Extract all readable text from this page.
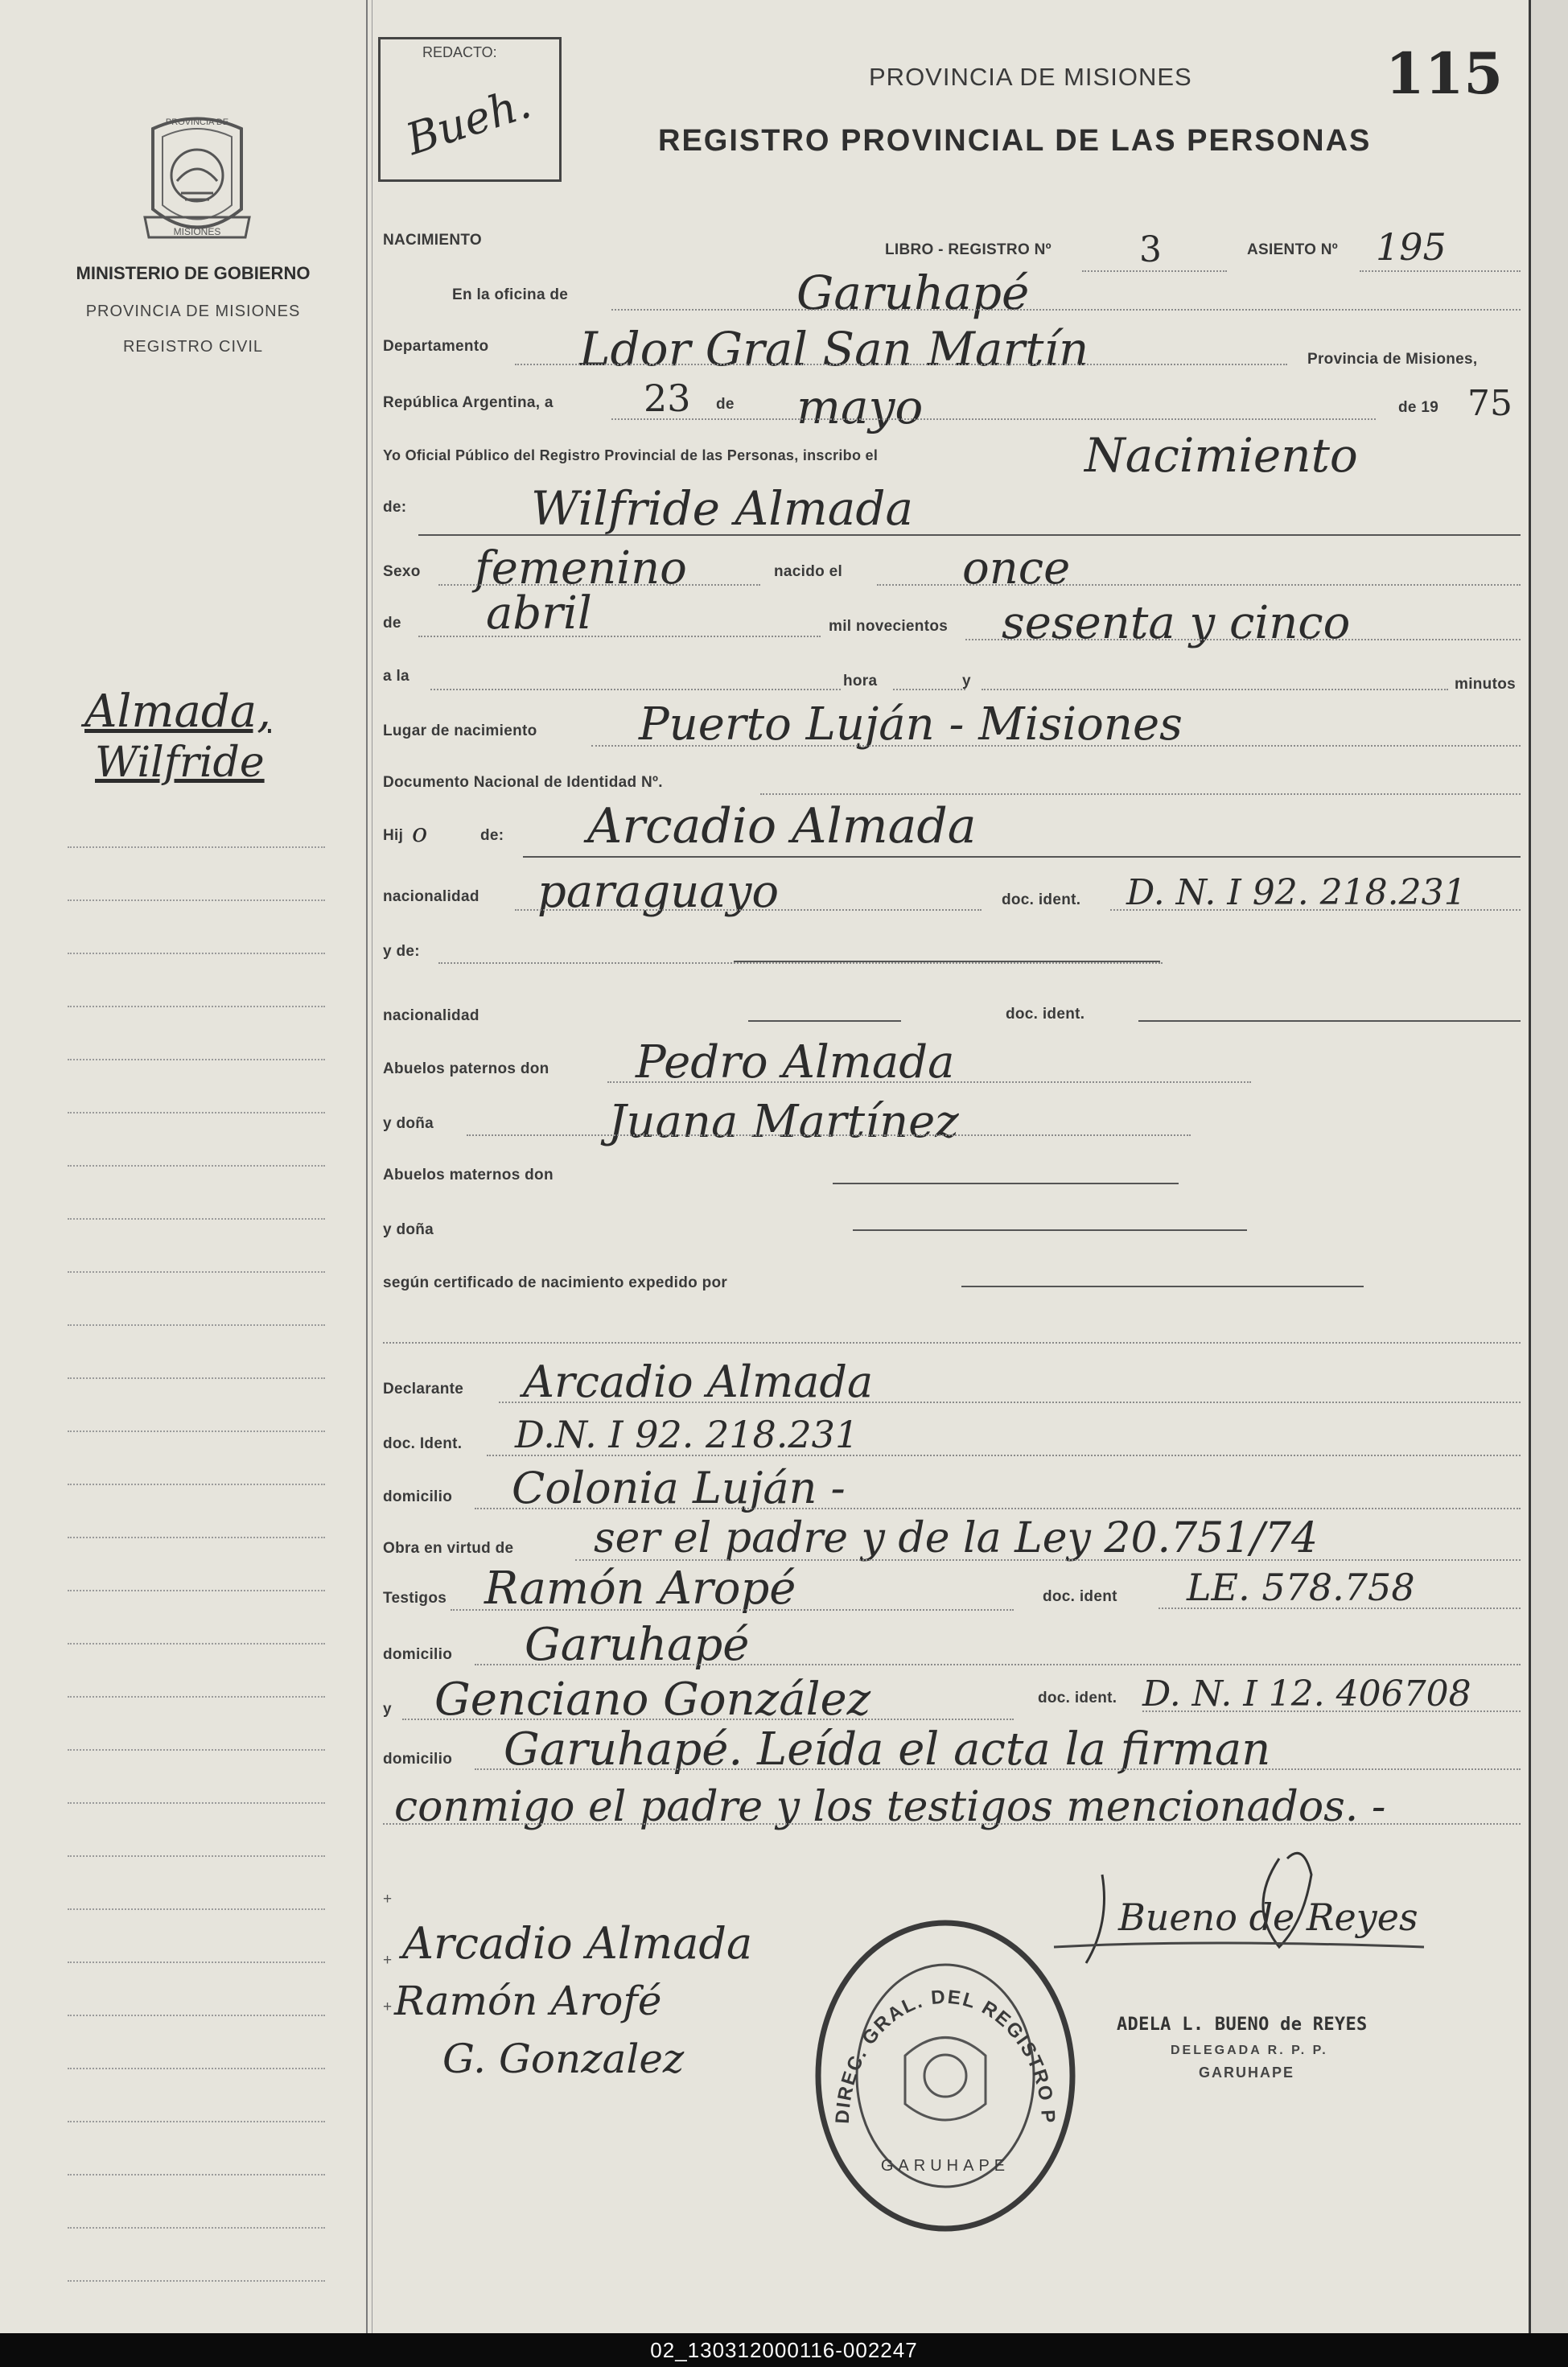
PROVINCIA DE
MISIONES
MINISTERIO DE GOBIERNO
PROVINCIA DE MISIONES
REGISTRO CIVIL
Almada,
Wilfride
REDACTO:
Bueh.
PROVINCIA DE MISIONES	115
REGISTRO PROVINCIAL DE LAS PERSONAS
NACIMIENTO
LIBRO - REGISTRO Nº 3	ASIENTO Nº 195
En la oficina de	Garuhapé
Departamento Ldor Gral San Martín	Provincia de Misiones,
República Argentina, a 23 de mayo	de 19 75
Yo Oficial Público del Registro Provincial de las Personas, inscribo el	Nacimiento
de:	Wilfride Almada
Sexo femenino	nacido el	once
de abril	mil novecientos sesenta y cinco
a la	hora	y	minutos
Lugar de nacimiento Puerto Luján - Misiones
Documento Nacional de Identidad Nº.
Hij o	de: Arcadio Almada
nacionalidad paraguayo	doc. ident. D. N. I 92. 218.231
y de:
nacionalidad	doc. ident.
Abuelos paternos don Pedro Almada
y doña	Juana Martínez
Abuelos maternos don
y doña
según certificado de nacimiento expedido por
Declarante Arcadio Almada
doc. Ident. D.N. I 92. 218.231
domicilio Colonia Luján -
Obra en virtud de ser el padre y de la Ley 20.751/74
Testigos Ramón Aropé	doc. ident LE. 578.758
domicilio Garuhapé
y Genciano González	doc. ident. D. N. I 12. 406708
domicilio Garuhapé. Leída el acta la firman
conmigo el padre y los testigos mencionados. -
+
+
+
Arcadio Almada
Ramón Arofé
G. Gonzalez
Bueno de Reyes
ADELA L. BUENO de REYES
DELEGADA R. P. P.
GARUHAPE
DIREC. GRAL. DEL REGISTRO P
GARUHAPE
02_130312000116-002247
